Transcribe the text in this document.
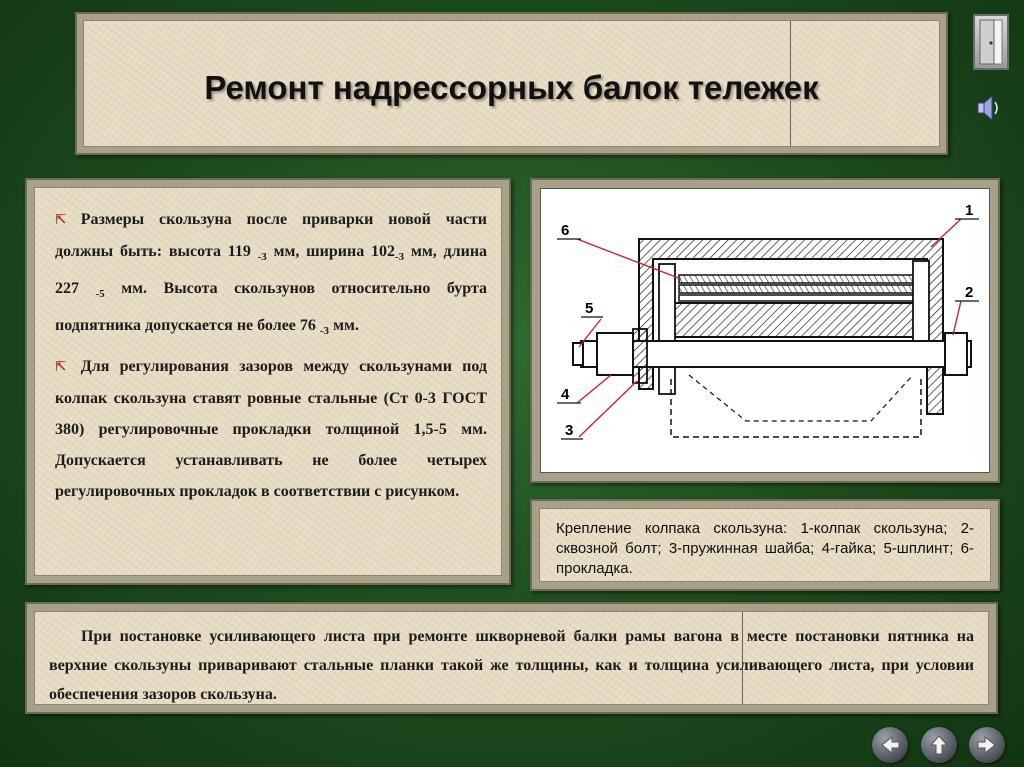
Ремонт надрессорных балок тележек
⇱ Размеры скользуна после приварки новой части должны быть: высота 119 $_{-3}$ мм, ширина $102_{-3}$ мм, длина 227 $_{-5}$ мм. Высота скользунов относительно бурта подпятника допускается не более 76 $_{-3}$ мм.
⇱ Для регулирования зазоров между скользунами под колпак скользуна ставят ровные стальные (Ст 0-3 ГОСТ 380) регулировочные прокладки толщиной 1,5-5 мм. Допускается устанавливать не более четырех регулировочных прокладок в соответствии с рисунком.
6
5
4
3
1
2
Крепление колпака скользуна: 1-колпак скользуна; 2-сквозной болт; 3-пружинная шайба; 4-гайка; 5-шплинт; 6-прокладка.
При постановке усиливающего листа при ремонте шкворневой балки рамы вагона в месте постановки пятника на верхние скользуны приваривают стальные планки такой же толщины, как и толщина усиливающего листа, при условии обеспечения зазоров скользуна.
